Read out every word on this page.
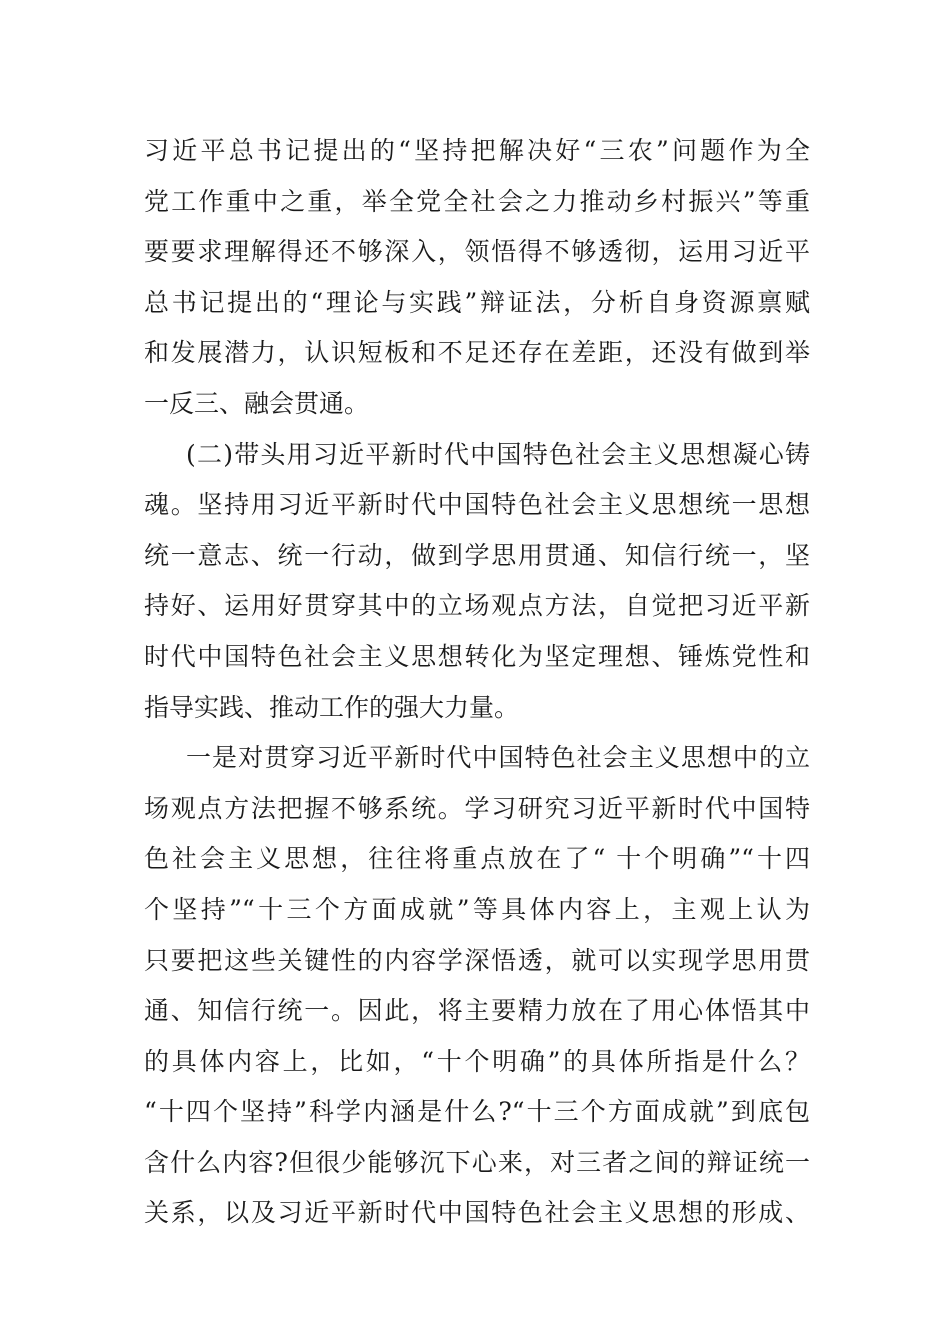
习近平总书记提出的“坚持把解决好“三农”问题作为全
党工作重中之重，举全党全社会之力推动乡村振兴”等重
要要求理解得还不够深入，领悟得不够透彻，运用习近平
总书记提出的“理论与实践”辩证法，分析自身资源禀赋
和发展潜力，认识短板和不足还存在差距，还没有做到举
一反三、融会贯通。
(二)带头用习近平新时代中国特色社会主义思想凝心铸
魂。坚持用习近平新时代中国特色社会主义思想统一思想
统一意志、统一行动，做到学思用贯通、知信行统一，坚
持好、运用好贯穿其中的立场观点方法，自觉把习近平新
时代中国特色社会主义思想转化为坚定理想、锤炼党性和
指导实践、推动工作的强大力量。
一是对贯穿习近平新时代中国特色社会主义思想中的立
场观点方法把握不够系统。学习研究习近平新时代中国特
色社会主义思想，往往将重点放在了“ 十个明确”“十四
个坚持”“十三个方面成就”等具体内容上，主观上认为
只要把这些关键性的内容学深悟透，就可以实现学思用贯
通、知信行统一。因此，将主要精力放在了用心体悟其中
的具体内容上，比如，“十个明确”的具体所指是什么？
“十四个坚持”科学内涵是什么?“十三个方面成就”到底包
含什么内容?但很少能够沉下心来，对三者之间的辩证统一
关系，以及习近平新时代中国特色社会主义思想的形成、
